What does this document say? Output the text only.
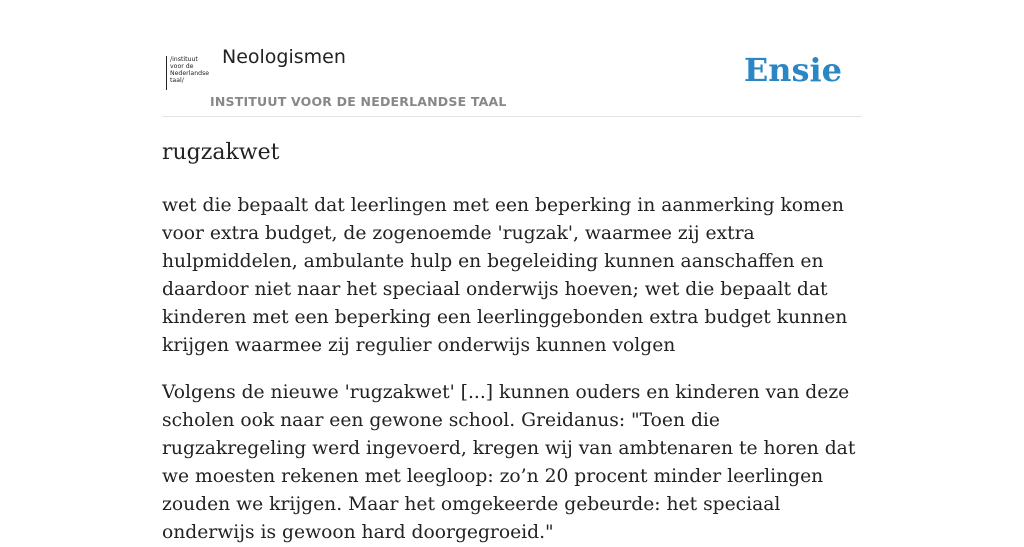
/instituut
voor de
Nederlandse
taal/
Neologismen
INSTITUUT VOOR DE NEDERLANDSE TAAL
Ensie
rugzakwet

wet die bepaalt dat leerlingen met een beperking in aanmerking komen voor extra budget, de zogenoemde 'rugzak', waarmee zij extra hulpmiddelen, ambulante hulp en begeleiding kunnen aanschaffen en daardoor niet naar het speciaal onderwijs hoeven; wet die bepaalt dat kinderen met een beperking een leerlinggebonden extra budget kunnen krijgen waarmee zij regulier onderwijs kunnen volgen

Volgens de nieuwe 'rugzakwet' [...] kunnen ouders en kinderen van deze scholen ook naar een gewone school. Greidanus: "Toen die rugzakregeling werd ingevoerd, kregen wij van ambtenaren te horen dat we moesten rekenen met leegloop: zo’n 20 procent minder leerlingen zouden we krijgen. Maar het omgekeerde gebeurde: het speciaal onderwijs is gewoon hard doorgegroeid."
